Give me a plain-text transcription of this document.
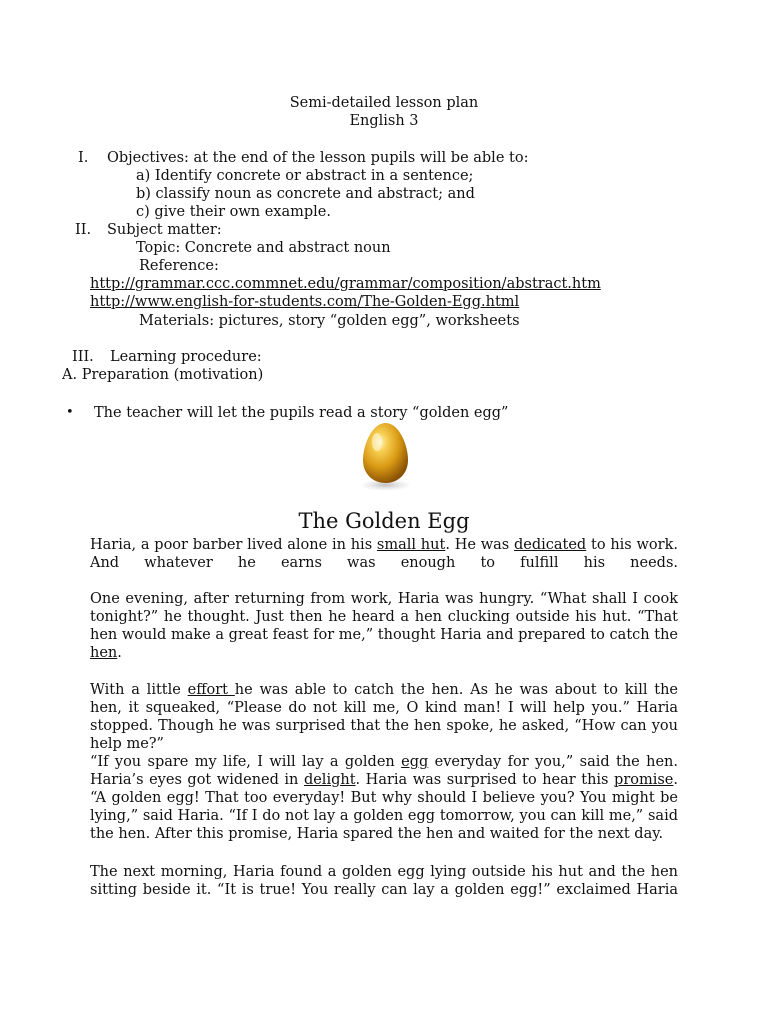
Semi-detailed lesson plan
English 3
I. Objectives: at the end of the lesson pupils will be able to:
a) Identify concrete or abstract in a sentence;
b) classify noun as concrete and abstract; and
c) give their own example.
II. Subject matter:
Topic: Concrete and abstract noun
Reference:
http://grammar.ccc.commnet.edu/grammar/composition/abstract.htm
http://www.english-for-students.com/The-Golden-Egg.html
Materials: pictures, story “golden egg”, worksheets
III. Learning procedure:
A. Preparation (motivation)
• The teacher will let the pupils read a story “golden egg”
The Golden Egg
Haria, a poor barber lived alone in his small hut. He was dedicated to his work.
And whatever he earns was enough to fulfill his needs.
One evening, after returning from work, Haria was hungry. “What shall I cook
tonight?” he thought. Just then he heard a hen clucking outside his hut. “That
hen would make a great feast for me,” thought Haria and prepared to catch the
hen.
With a little effort he was able to catch the hen. As he was about to kill the
hen, it squeaked, “Please do not kill me, O kind man! I will help you.” Haria
stopped. Though he was surprised that the hen spoke, he asked, “How can you
help me?”
“If you spare my life, I will lay a golden egg everyday for you,” said the hen.
Haria’s eyes got widened in delight. Haria was surprised to hear this promise.
“A golden egg! That too everyday! But why should I believe you? You might be
lying,” said Haria. “If I do not lay a golden egg tomorrow, you can kill me,” said
the hen. After this promise, Haria spared the hen and waited for the next day.
The next morning, Haria found a golden egg lying outside his hut and the hen
sitting beside it. “It is true! You really can lay a golden egg!” exclaimed Haria
